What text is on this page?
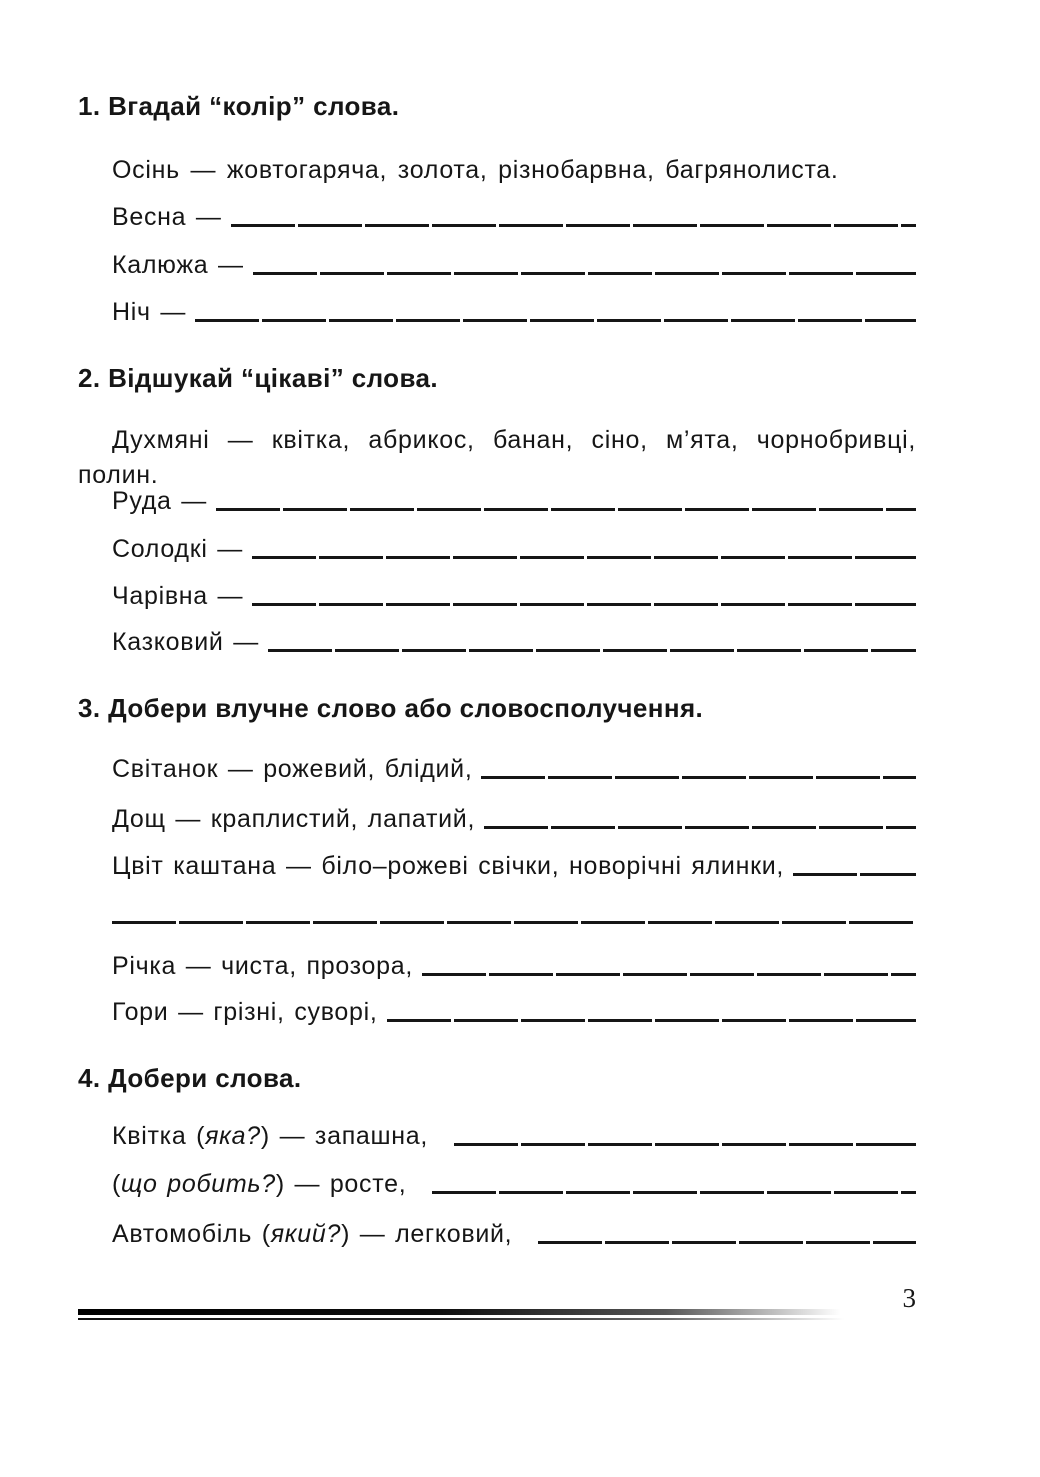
1. Вгадай “колір” слова.

Осінь — жовтогаряча, золота, різнобарвна, багрянолиста.

Весна —
Калюжа —
Ніч —
2. Відшукай “цікаві” слова.

Духмяні — квітка, абрикос, банан, сіно, м’ята, чорнобривці,полин.

Руда —
Солодкі —
Чарівна —
Казковий —
3. Добери влучне слово або словосполучення.
Світанок — рожевий, блідий,
Дощ — краплистий, лапатий,
Цвіт каштана — біло–рожеві свічки, новорічні ялинки,
Річка — чиста, прозора,
Гори — грізні, суворі,
4. Добери слова.
Квітка (яка?) — запашна,
(що робить?) — росте,
Автомобіль (який?) — легковий,
3
